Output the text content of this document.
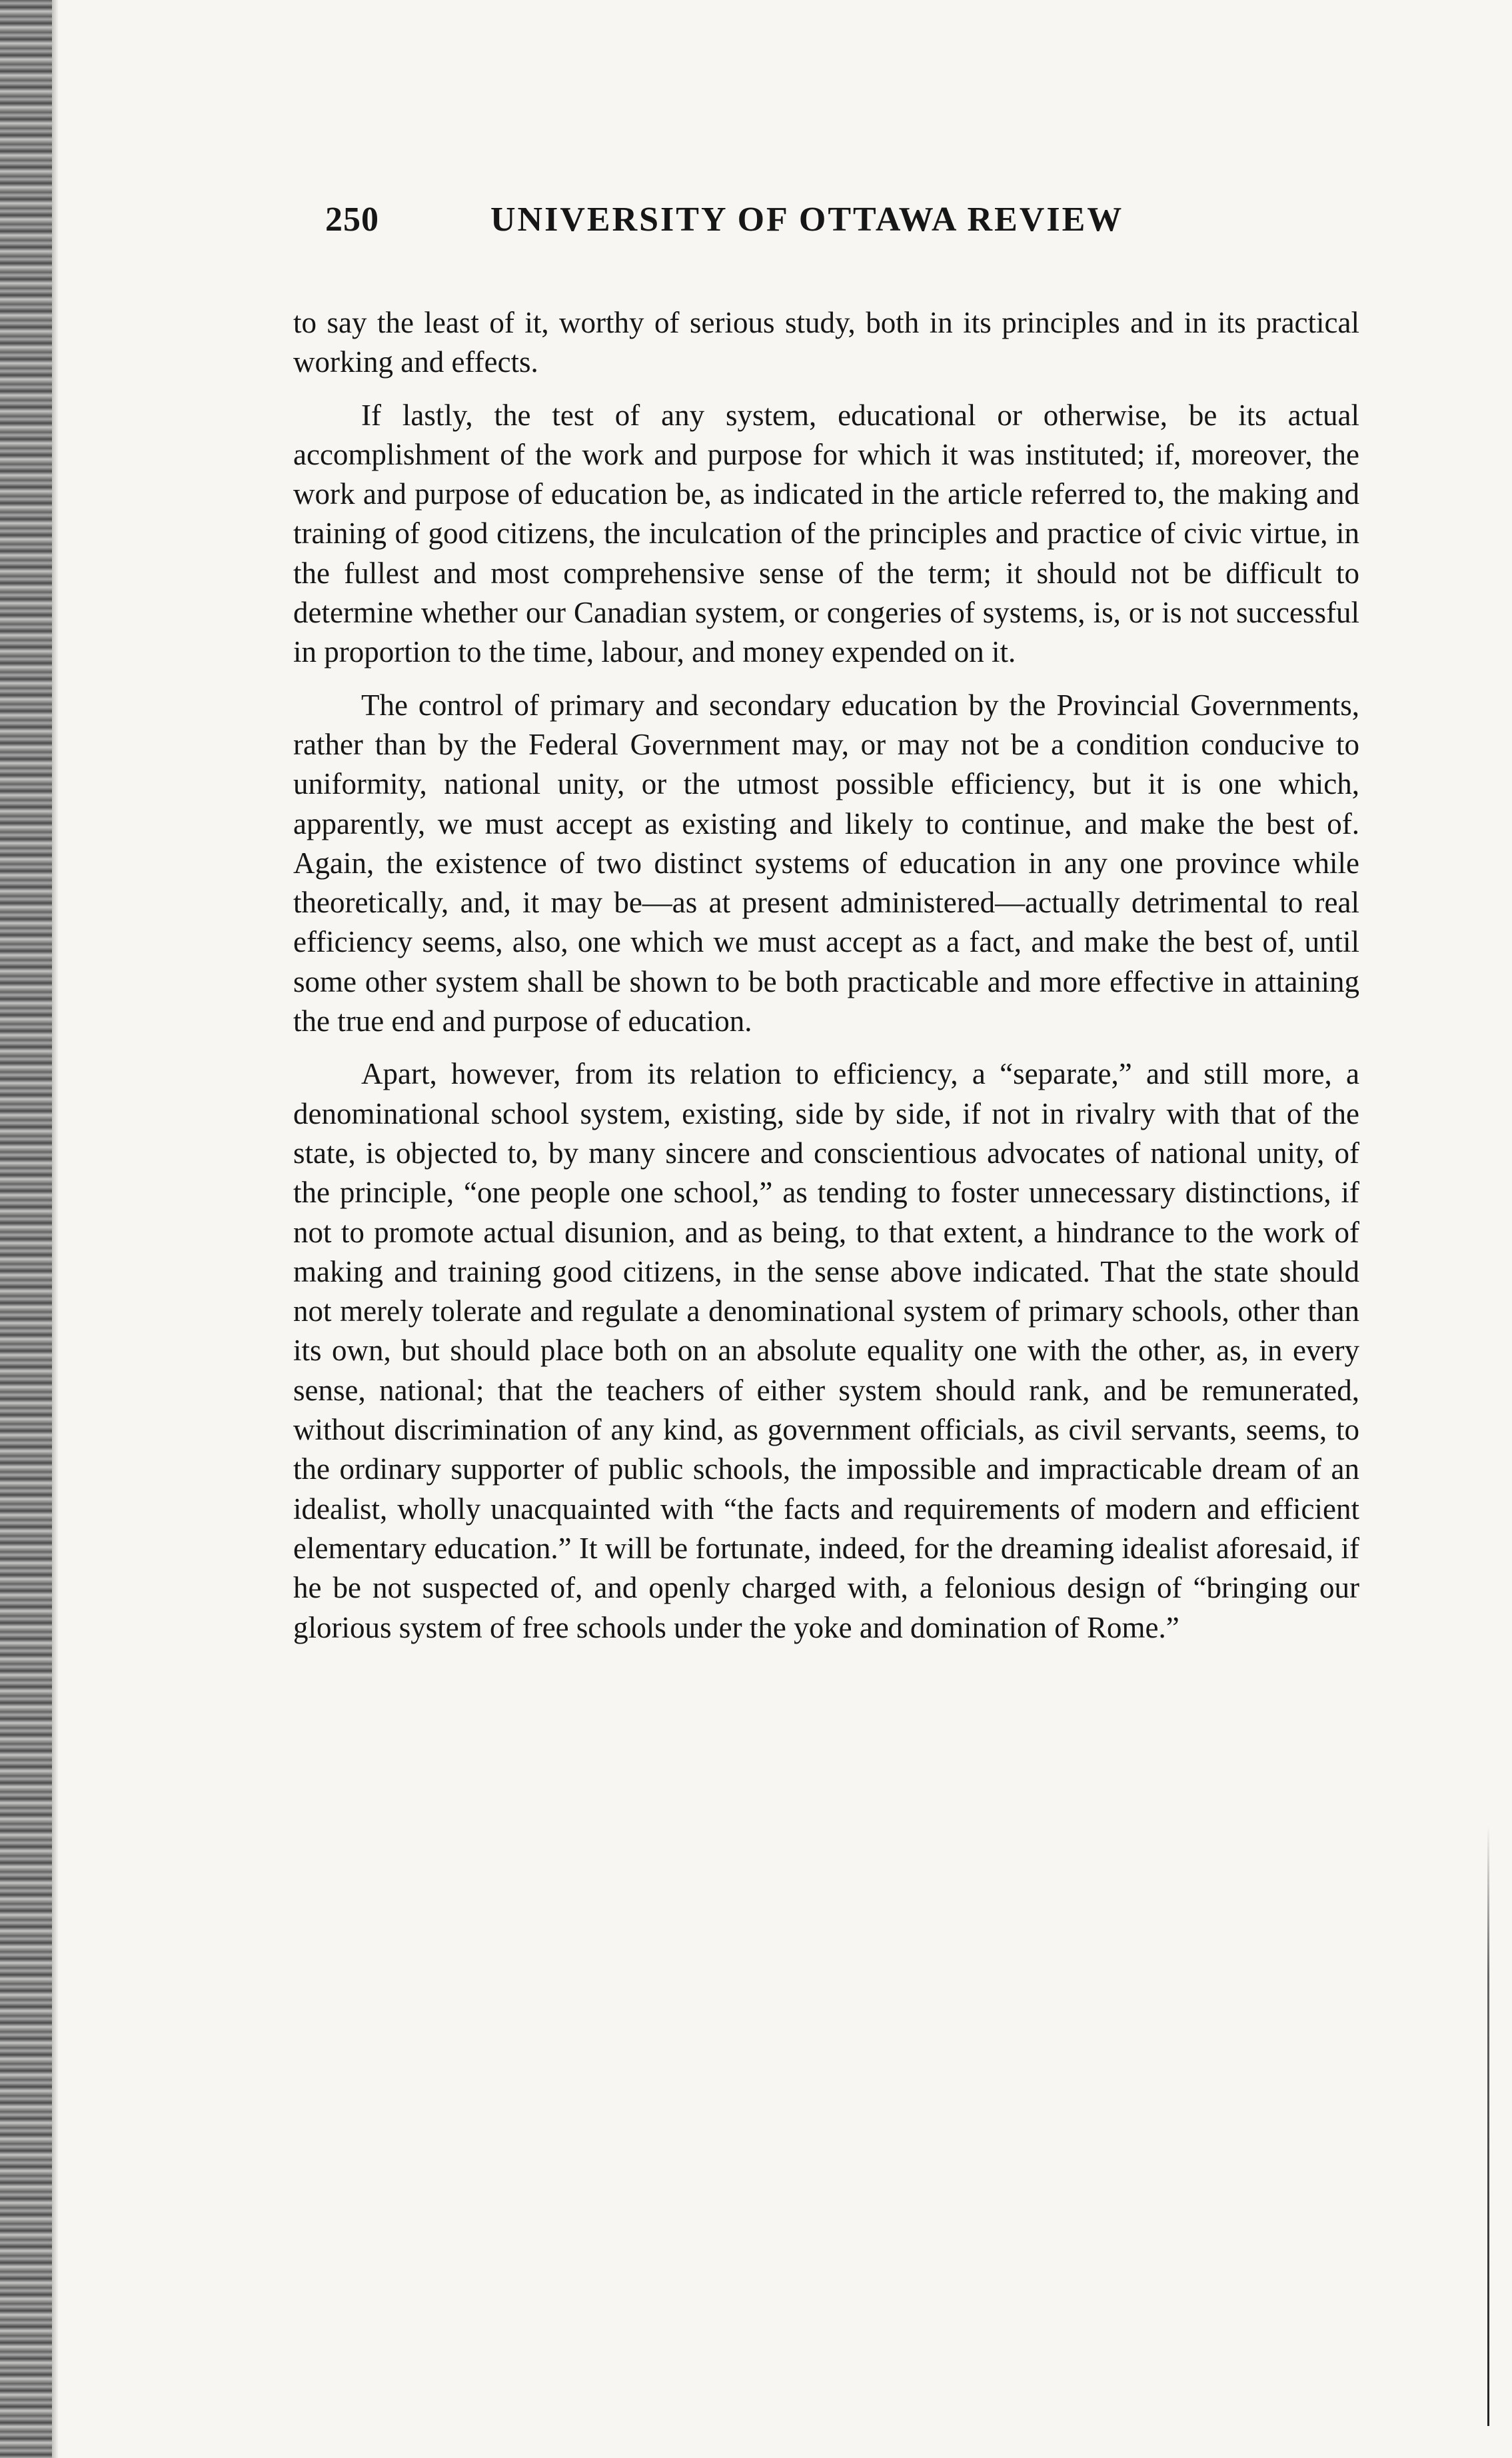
250	UNIVERSITY OF OTTAWA REVIEW

to say the least of it, worthy of serious study, both in its principles and in its practical working and effects.

If lastly, the test of any system, educational or otherwise, be its actual accomplishment of the work and purpose for which it was instituted; if, moreover, the work and purpose of education be, as indicated in the article referred to, the making and training of good citizens, the inculcation of the principles and practice of civic virtue, in the fullest and most comprehensive sense of the term; it should not be difficult to determine whether our Canadian system, or congeries of systems, is, or is not successful in proportion to the time, labour, and money expended on it.

The control of primary and secondary education by the Provincial Governments, rather than by the Federal Government may, or may not be a condition conducive to uniformity, national unity, or the utmost possible efficiency, but it is one which, apparently, we must accept as existing and likely to continue, and make the best of. Again, the existence of two distinct systems of education in any one province while theoretically, and, it may be—as at present administered—actually detrimental to real efficiency seems, also, one which we must accept as a fact, and make the best of, until some other system shall be shown to be both practicable and more effective in attaining the true end and purpose of education.

Apart, however, from its relation to efficiency, a “separate,” and still more, a denominational school system, existing, side by side, if not in rivalry with that of the state, is objected to, by many sincere and conscientious advocates of national unity, of the principle, “one people one school,” as tending to foster unnecessary distinctions, if not to promote actual disunion, and as being, to that extent, a hindrance to the work of making and training good citizens, in the sense above indicated. That the state should not merely tolerate and regulate a denominational system of primary schools, other than its own, but should place both on an absolute equality one with the other, as, in every sense, national; that the teachers of either system should rank, and be remunerated, without discrimination of any kind, as government officials, as civil servants, seems, to the ordinary supporter of public schools, the impossible and impracticable dream of an idealist, wholly unacquainted with “the facts and requirements of modern and efficient elementary education.” It will be fortunate, indeed, for the dreaming idealist aforesaid, if he be not suspected of, and openly charged with, a felonious design of “bringing our glorious system of free schools under the yoke and domination of Rome.”
